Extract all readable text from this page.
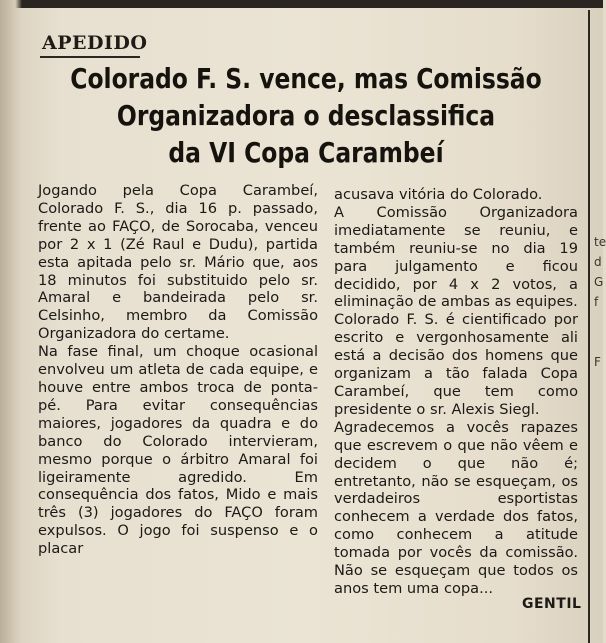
APEDIDO
Colorado F. S. vence, mas Comissão
Organizadora o desclassifica
da VI Copa Carambeí

Jogando pela Copa Carambeí, Colorado F. S., dia 16 p. passado, frente ao FAÇO, de Sorocaba, venceu por 2 x 1 (Zé Raul e Dudu), partida esta apitada pelo sr. Mário que, aos 18 minutos foi substituido pelo sr. Amaral e bandeirada pelo sr. Celsinho, membro da Comissão Organizadora do certame.
Na fase final, um choque ocasional envolveu um atleta de cada equipe, e houve entre ambos troca de ponta-pé. Para evitar consequências maiores, jogadores da quadra e do banco do Colorado intervieram, mesmo porque o árbitro Amaral foi ligeiramente agredido. Em consequência dos fatos, Mido e mais três (3) jogadores do FAÇO foram expulsos. O jogo foi suspenso e o placar

acusava vitória do Colorado.
A Comissão Organizadora imediatamente se reuniu, e também reuniu-se no dia 19 para julgamento e ficou decidido, por 4 x 2 votos, a eliminação de ambas as equipes.
Colorado F. S. é cientificado por escrito e vergonhosamente ali está a decisão dos homens que organizam a tão falada Copa Carambeí, que tem como presidente o sr. Alexis Siegl.
Agradecemos a vocês rapazes que escrevem o que não vêem e decidem o que não é; entretanto, não se esqueçam, os verdadeiros esportistas conhecem a verdade dos fatos, como conhecem a atitude tomada por vocês da comissão. Não se esqueçam que todos os anos tem uma copa...

GENTIL
te
d
G
f

F
